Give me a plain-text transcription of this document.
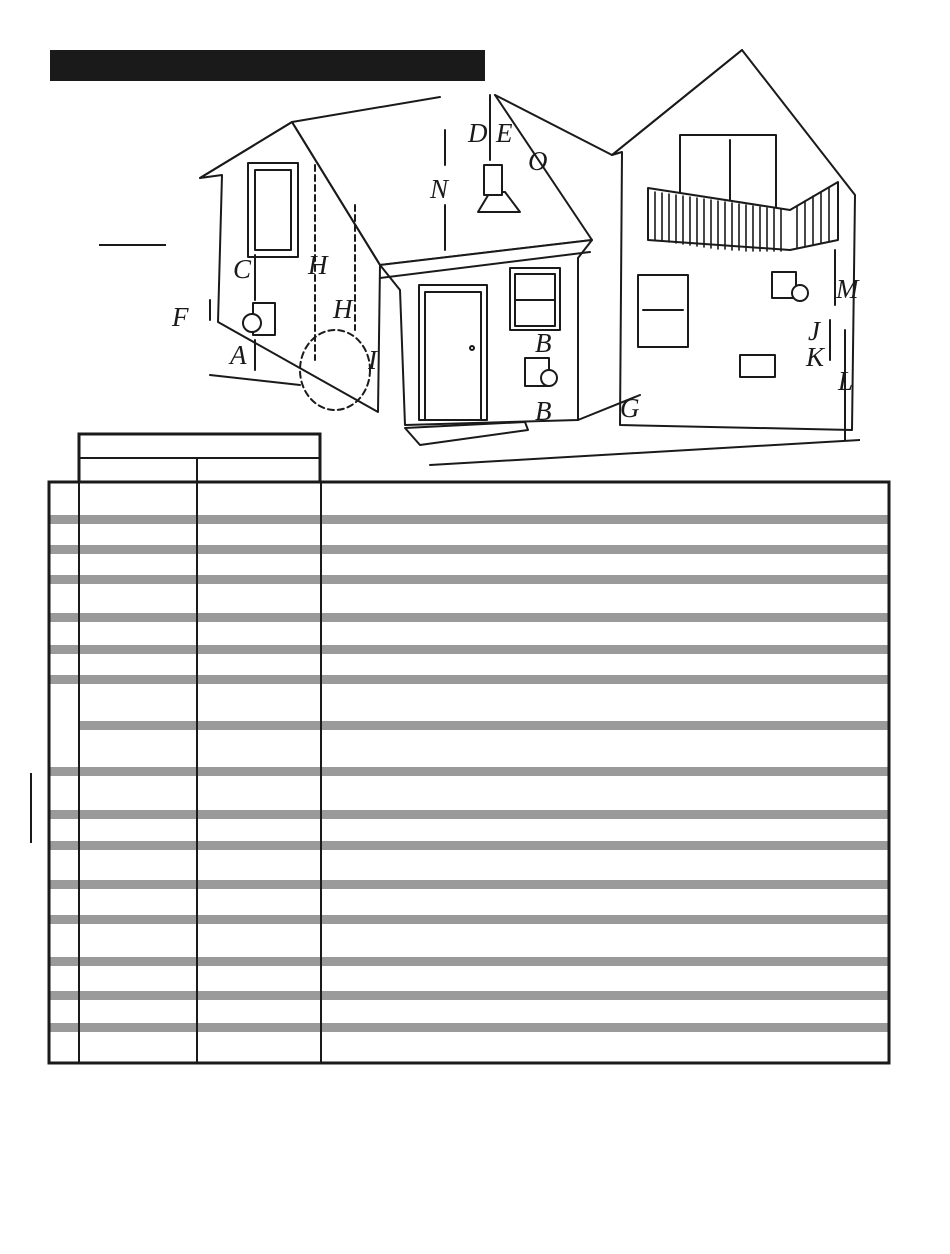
A	B
B
C
D E
F
G
H
H
I
J
K
L
M
N
O
